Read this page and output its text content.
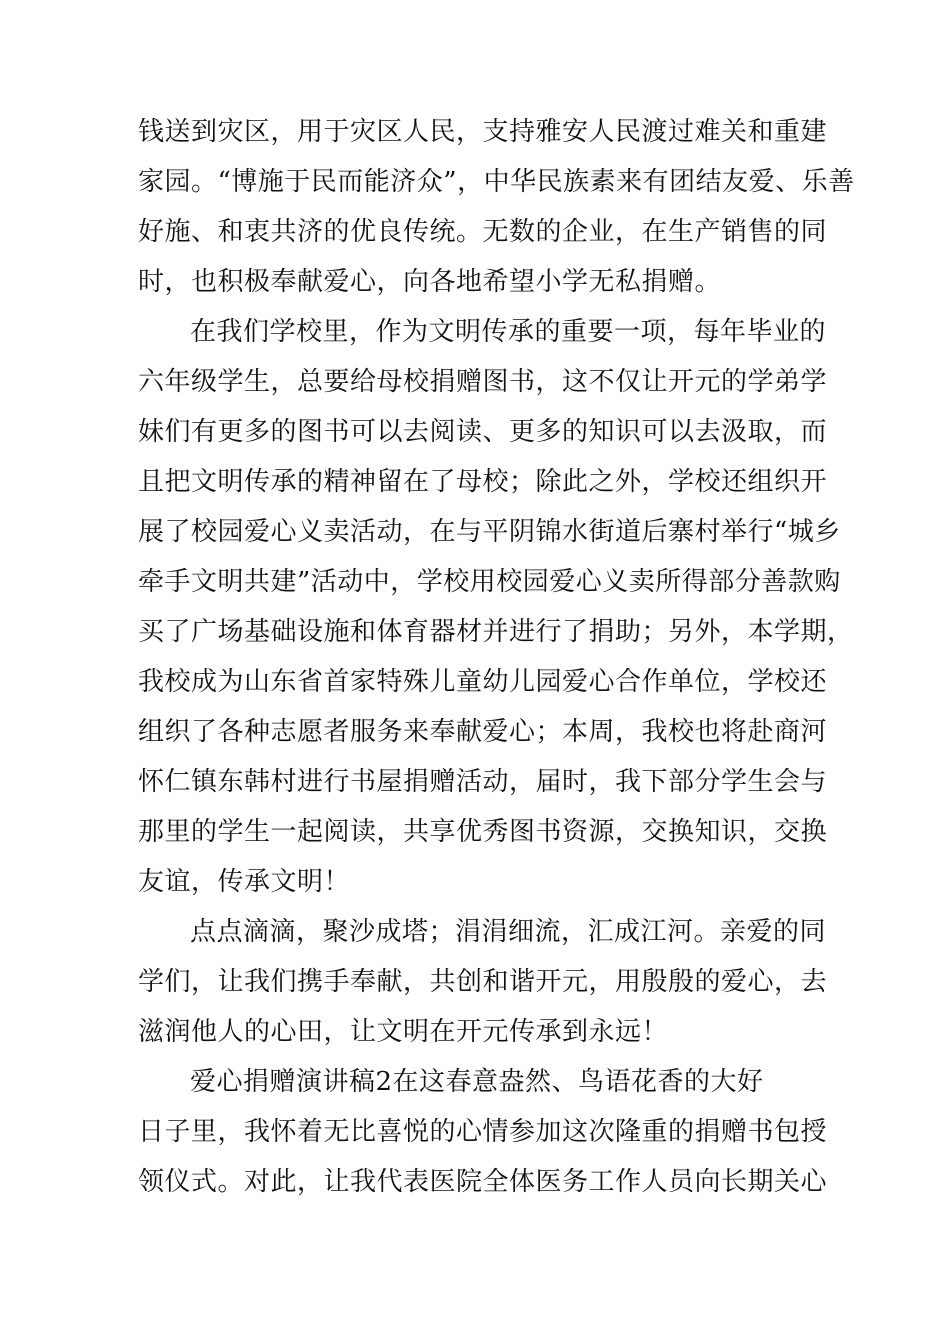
钱送到灾区，用于灾区人民，支持雅安人民渡过难关和重建
家园。“博施于民而能济众”，中华民族素来有团结友爱、乐善
好施、和衷共济的优良传统。无数的企业，在生产销售的同
时，也积极奉献爱心，向各地希望小学无私捐赠。
在我们学校里，作为文明传承的重要一项，每年毕业的
六年级学生，总要给母校捐赠图书，这不仅让开元的学弟学
妹们有更多的图书可以去阅读、更多的知识可以去汲取，而
且把文明传承的精神留在了母校；除此之外，学校还组织开
展了校园爱心义卖活动，在与平阴锦水街道后寨村举行“城乡
牵手文明共建”活动中，学校用校园爱心义卖所得部分善款购
买了广场基础设施和体育器材并进行了捐助；另外，本学期，
我校成为山东省首家特殊儿童幼儿园爱心合作单位，学校还
组织了各种志愿者服务来奉献爱心；本周，我校也将赴商河
怀仁镇东韩村进行书屋捐赠活动，届时，我下部分学生会与
那里的学生一起阅读，共享优秀图书资源，交换知识，交换
友谊，传承文明！
点点滴滴，聚沙成塔；涓涓细流，汇成江河。亲爱的同
学们，让我们携手奉献，共创和谐开元，用殷殷的爱心，去
滋润他人的心田，让文明在开元传承到永远！
爱心捐赠演讲稿2在这春意盎然、鸟语花香的大好
日子里，我怀着无比喜悦的心情参加这次隆重的捐赠书包授
领仪式。对此，让我代表医院全体医务工作人员向长期关心
